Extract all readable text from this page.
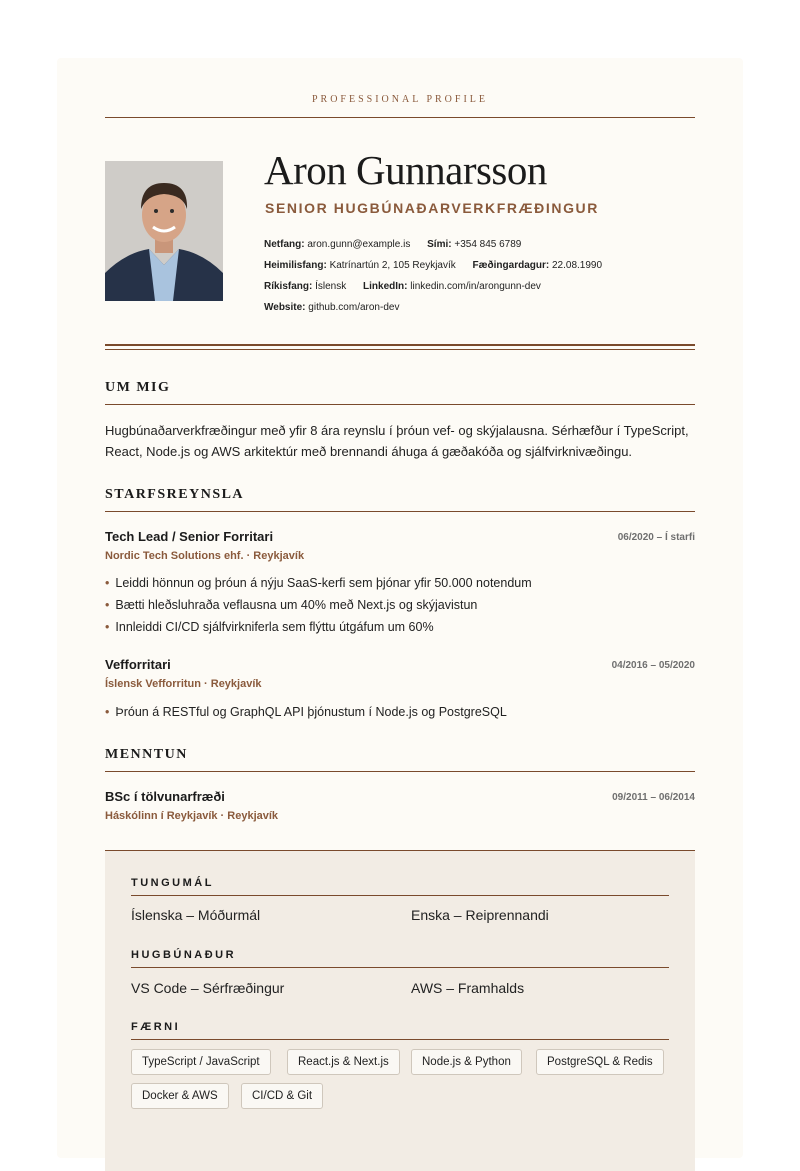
PROFESSIONAL PROFILE
Aron Gunnarsson
SENIOR HUGBÚNAÐARVERKFRÆÐINGUR
Netfang: aron.gunn@example.is Sími: +354 845 6789
Heimilisfang: Katrínartún 2, 105 Reykjavík Fæðingardagur: 22.08.1990
Ríkisfang: Íslensk LinkedIn: linkedin.com/in/arongunn-dev
Website: github.com/aron-dev
UM MIG
Hugbúnaðarverkfræðingur með yfir 8 ára reynslu í þróun vef- og skýjalausna. Sérhæfður í TypeScript, React, Node.js og AWS arkitektúr með brennandi áhuga á gæðakóða og sjálfvirknivæðingu.
STARFSREYNSLA
Tech Lead / Senior Forritari	06/2020 – Í starfi
Nordic Tech Solutions ehf. · Reykjavík
• Leiddi hönnun og þróun á nýju SaaS-kerfi sem þjónar yfir 50.000 notendum
• Bætti hleðsluhraða veflausna um 40% með Next.js og skýjavistun
• Innleiddi CI/CD sjálfvirkniferla sem flýttu útgáfum um 60%
Vefforritari	04/2016 – 05/2020
Íslensk Vefforritun · Reykjavík
• Þróun á RESTful og GraphQL API þjónustum í Node.js og PostgreSQL
MENNTUN
BSc í tölvunarfræði	09/2011 – 06/2014
Háskólinn í Reykjavík · Reykjavík
TUNGUMÁL
Íslenska – Móðurmál	Enska – Reiprennandi
HUGBÚNAÐUR
VS Code – Sérfræðingur	AWS – Framhalds
FÆRNI
TypeScript / JavaScript	React.js & Next.js	Node.js & Python	PostgreSQL & Redis
Docker & AWS	CI/CD & Git
